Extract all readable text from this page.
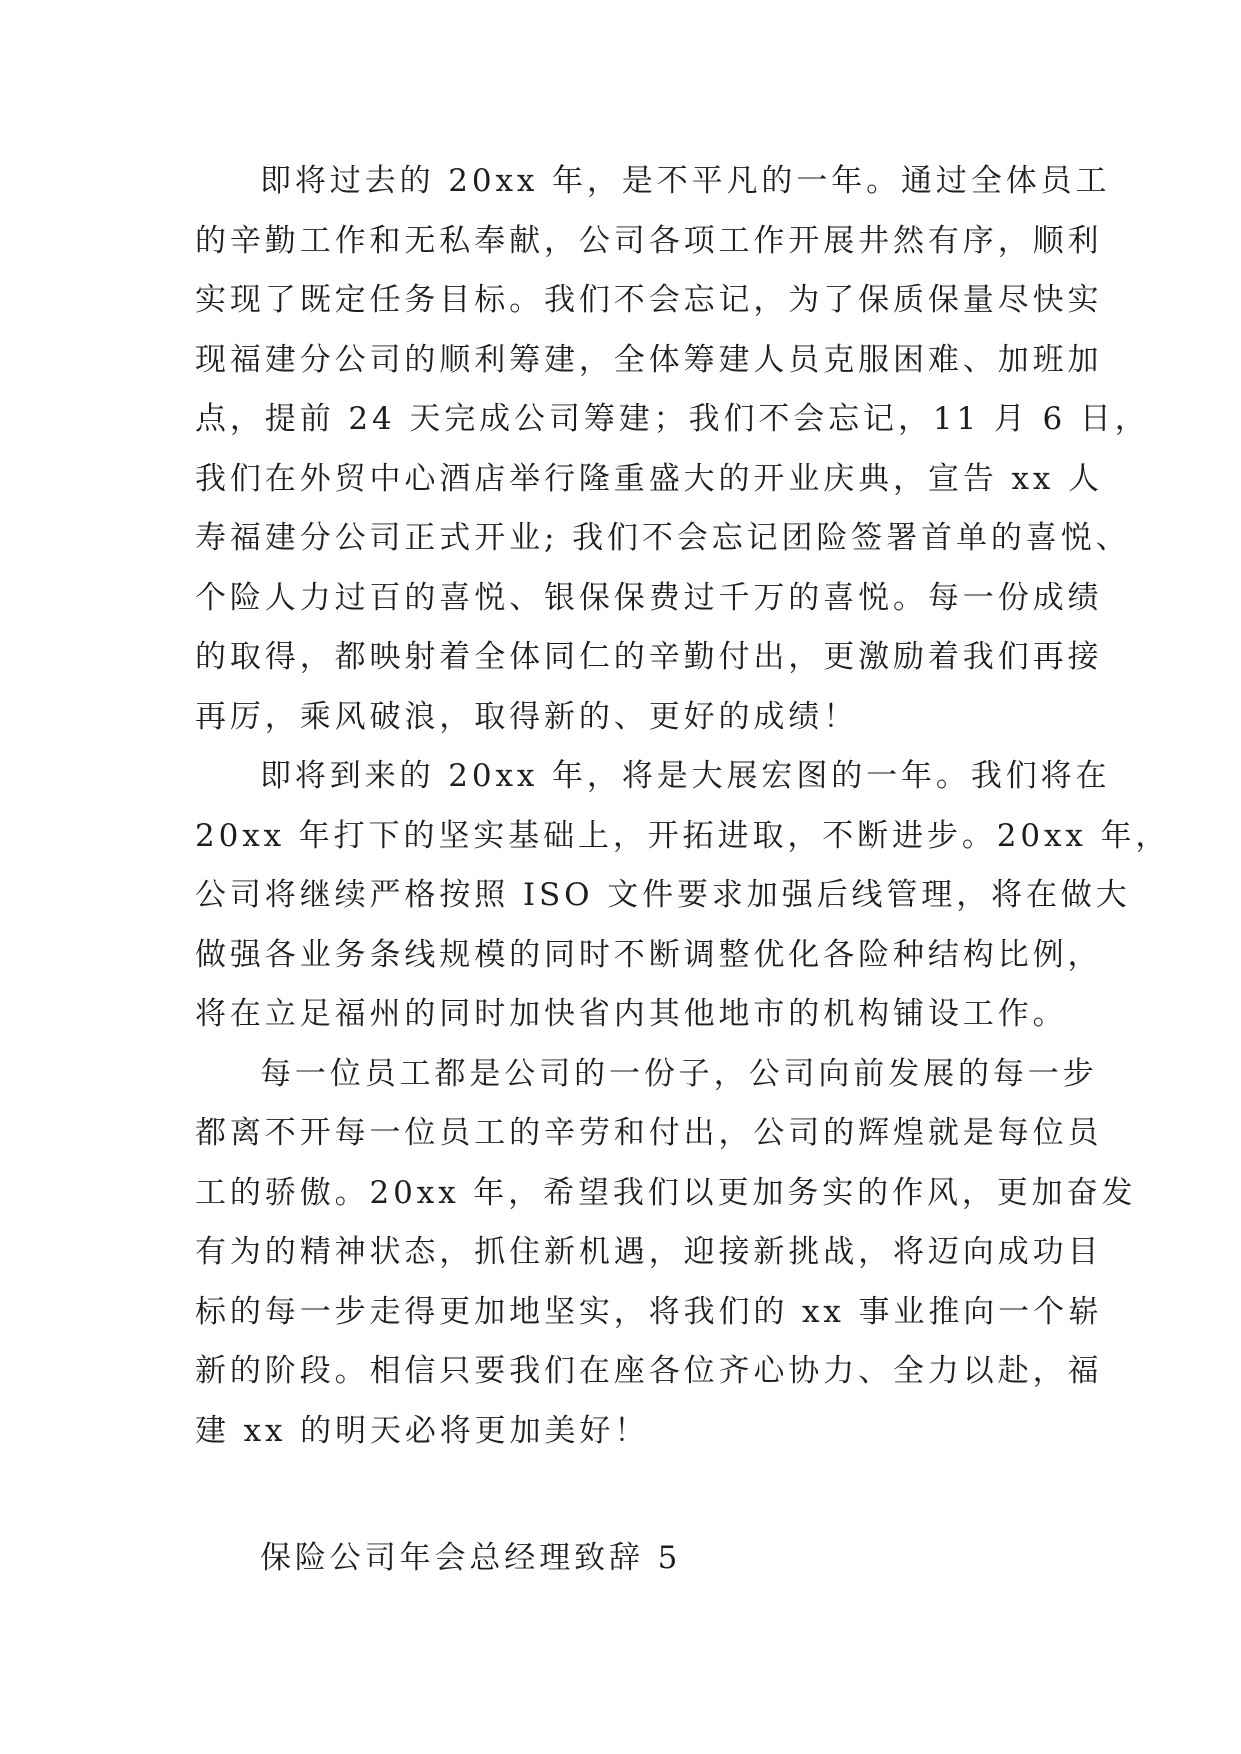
即将过去的 20xx 年，是不平凡的一年。通过全体员工
的辛勤工作和无私奉献，公司各项工作开展井然有序，顺利
实现了既定任务目标。我们不会忘记，为了保质保量尽快实
现福建分公司的顺利筹建，全体筹建人员克服困难、加班加
点，提前 24 天完成公司筹建；我们不会忘记，11 月 6 日，
我们在外贸中心酒店举行隆重盛大的开业庆典，宣告 xx 人
寿福建分公司正式开业; 我们不会忘记团险签署首单的喜悦、
个险人力过百的喜悦、银保保费过千万的喜悦。每一份成绩
的取得，都映射着全体同仁的辛勤付出，更激励着我们再接
再厉，乘风破浪，取得新的、更好的成绩！
即将到来的 20xx 年，将是大展宏图的一年。我们将在
20xx 年打下的坚实基础上，开拓进取，不断进步。20xx 年，
公司将继续严格按照 ISO 文件要求加强后线管理，将在做大
做强各业务条线规模的同时不断调整优化各险种结构比例，
将在立足福州的同时加快省内其他地市的机构铺设工作。
每一位员工都是公司的一份子，公司向前发展的每一步
都离不开每一位员工的辛劳和付出，公司的辉煌就是每位员
工的骄傲。20xx 年，希望我们以更加务实的作风，更加奋发
有为的精神状态，抓住新机遇，迎接新挑战，将迈向成功目
标的每一步走得更加地坚实，将我们的 xx 事业推向一个崭
新的阶段。相信只要我们在座各位齐心协力、全力以赴，福
建 xx 的明天必将更加美好！
保险公司年会总经理致辞 5
